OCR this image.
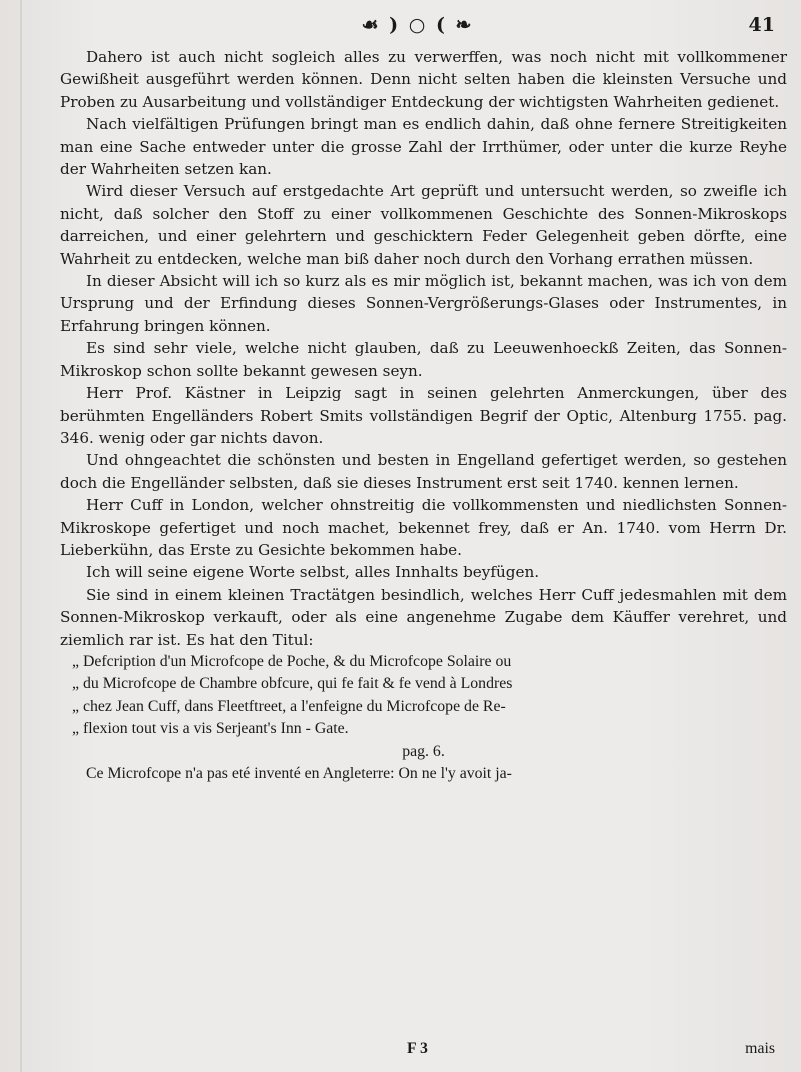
☙ ) ○ ( ❧	41

Dahero ist auch nicht sogleich alles zu verwerffen, was noch nicht mit vollkommener Gewißheit ausgeführt werden können. Denn nicht selten haben die kleinsten Versuche und Proben zu Ausarbeitung und vollständiger Entdeckung der wichtigsten Wahrheiten gedienet.

Nach vielfältigen Prüfungen bringt man es endlich dahin, daß ohne fernere Streitigkeiten man eine Sache entweder unter die grosse Zahl der Irrthümer, oder unter die kurze Reyhe der Wahrheiten setzen kan.

Wird dieser Versuch auf erstgedachte Art geprüft und untersucht werden, so zweifle ich nicht, daß solcher den Stoff zu einer vollkommenen Geschichte des Sonnen-Mikroskops darreichen, und einer gelehrtern und geschicktern Feder Gelegenheit geben dörfte, eine Wahrheit zu entdecken, welche man biß daher noch durch den Vorhang errathen müssen.

In dieser Absicht will ich so kurz als es mir möglich ist, bekannt machen, was ich von dem Ursprung und der Erfindung dieses Sonnen-Vergrößerungs-Glases oder Instrumentes, in Erfahrung bringen können.

Es sind sehr viele, welche nicht glauben, daß zu Leeuwenhoeckß Zeiten, das Sonnen-Mikroskop schon sollte bekannt gewesen seyn.

Herr Prof. Kästner in Leipzig sagt in seinen gelehrten Anmerckungen, über des berühmten Engelländers Robert Smits vollständigen Begrif der Optic, Altenburg 1755. pag. 346. wenig oder gar nichts davon.

Und ohngeachtet die schönsten und besten in Engelland gefertiget werden, so gestehen doch die Engelländer selbsten, daß sie dieses Instrument erst seit 1740. kennen lernen.

Herr Cuff in London, welcher ohnstreitig die vollkommensten und niedlichsten Sonnen-Mikroskope gefertiget und noch machet, bekennet frey, daß er An. 1740. vom Herrn Dr. Lieberkühn, das Erste zu Gesichte bekommen habe.

Ich will seine eigene Worte selbst, alles Innhalts beyfügen.

Sie sind in einem kleinen Tractätgen besindlich, welches Herr Cuff jedesmahlen mit dem Sonnen-Mikroskop verkauft, oder als eine angenehme Zugabe dem Käuffer verehret, und ziemlich rar ist. Es hat den Titul:

„ Defcription d'un Microfcope de Poche, & du Microfcope Solaire ou

„ du Microfcope de Chambre obfcure, qui fe fait & fe vend à Londres

„ chez Jean Cuff, dans Fleetftreet, a l'enfeigne du Microfcope de Re-

„ flexion tout vis a vis Serjeant's Inn - Gate.

pag. 6.

Ce Microfcope n'a pas eté inventé en Angleterre: On ne l'y avoit ja-

F 3	mais
